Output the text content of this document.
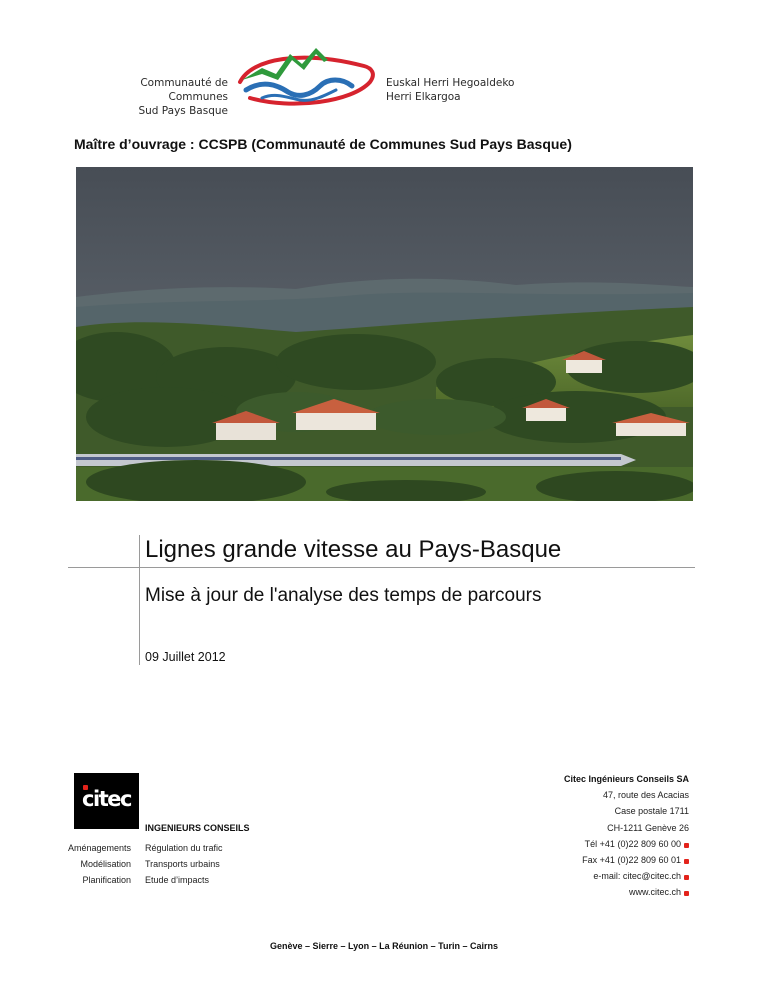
Communauté de Communes
Sud Pays Basque
Euskal Herri Hegoaldeko
Herri Elkargoa
Maître d’ouvrage : CCSPB (Communauté de Communes Sud Pays Basque)
Lignes grande vitesse au Pays-Basque
Mise à jour de l'analyse des temps de parcours
09 Juillet 2012
citec
INGENIEURS CONSEILS
Aménagements Régulation du trafic
Modélisation Transports urbains
Planification Etude d’impacts
Citec Ingénieurs Conseils SA
47, route des Acacias
Case postale 1711
CH-1211 Genève 26
Tél +41 (0)22 809 60 00
Fax +41 (0)22 809 60 01
e-mail: citec@citec.ch
www.citec.ch
Genève – Sierre – Lyon – La Réunion – Turin – Cairns
